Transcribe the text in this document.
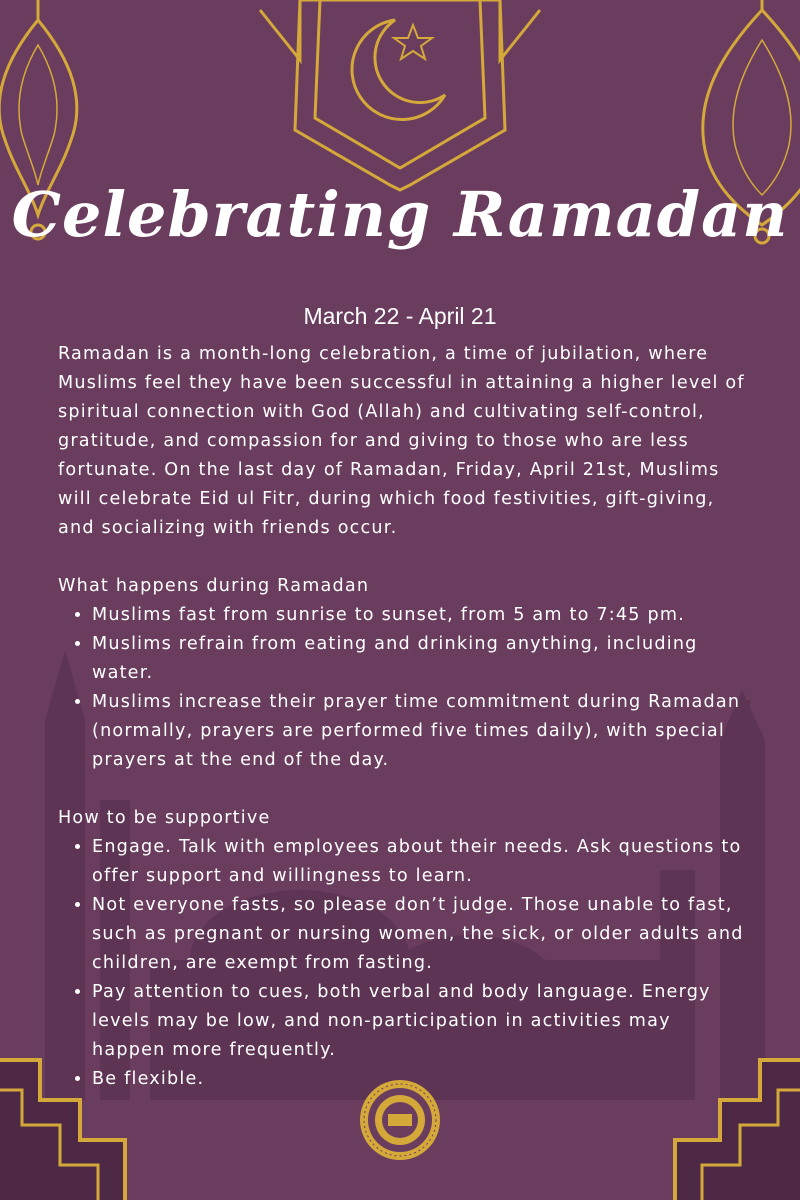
Celebrating Ramadan
March 22 - April 21

Ramadan is a month-long celebration, a time of jubilation, where Muslims feel they have been successful in attaining a higher level of spiritual connection with God (Allah) and cultivating self-control, gratitude, and compassion for and giving to those who are less fortunate. On the last day of Ramadan, Friday, April 21st, Muslims will celebrate Eid ul Fitr, during which food festivities, gift-giving, and socializing with friends occur.

What happens during Ramadan

• Muslims fast from sunrise to sunset, from 5 am to 7:45 pm.
• Muslims refrain from eating and drinking anything, including water.
• Muslims increase their prayer time commitment during Ramadan (normally, prayers are performed five times daily), with special prayers at the end of the day.

How to be supportive

• Engage. Talk with employees about their needs. Ask questions to offer support and willingness to learn.
• Not everyone fasts, so please don’t judge. Those unable to fast, such as pregnant or nursing women, the sick, or older adults and children, are exempt from fasting.
• Pay attention to cues, both verbal and body language. Energy levels may be low, and non-participation in activities may happen more frequently.
• Be flexible.
